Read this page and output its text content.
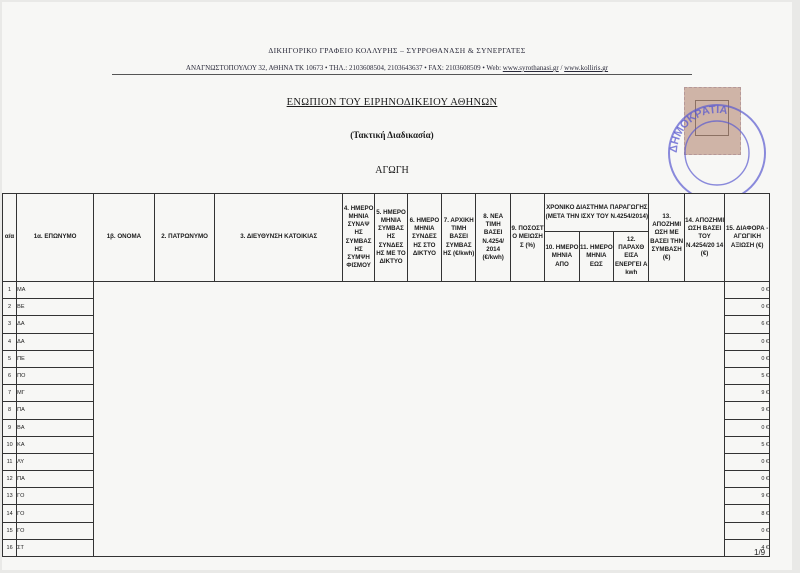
ΔΙΚΗΓΟΡΙΚΟ ΓΡΑΦΕΙΟ ΚΟΛΛΥΡΗΣ – ΣΥΡΡΟΘΑΝΑΣΗ & ΣΥΝΕΡΓΑΤΕΣ
ΑΝΑΓΝΩΣΤΟΠΟΥΛΟΥ 32, ΑΘΗΝΑ ΤΚ 10673 • ΤΗΛ.: 2103608504, 2103643637 • FAX: 2103608509 • Web: www.syrothanasi.gr / www.kolliris.gr
ΕΝΩΠΙΟΝ ΤΟΥ ΕΙΡΗΝΟΔΙΚΕΙΟΥ ΑΘΗΝΩΝ
(Τακτική Διαδικασία)
ΑΓΩΓΗ
ΔΗΜΟΚΡΑΤΙΑ
α/α	1α. ΕΠΩΝΥΜΟ	1β. ΟΝΟΜΑ	2. ΠΑΤΡΩΝΥΜΟ	3. ΔΙΕΥΘΥΝΣΗ ΚΑΤΟΙΚΙΑΣ	4. ΗΜΕΡΟ ΜΗΝΙΑ ΣΥΝΑΨ ΗΣ ΣΥΜΒΑΣ ΗΣ ΣΥΜΨΗ ΦΙΣΜΟΥ	5. ΗΜΕΡΟ ΜΗΝΙΑ ΣΥΜΒΑΣ ΗΣ ΣΥΝΔΕΣ ΗΣ ΜΕ ΤΟ ΔΙΚΤΥΟ	6. ΗΜΕΡΟ ΜΗΝΙΑ ΣΥΝΔΕΣ ΗΣ ΣΤΟ ΔΙΚΤΥΟ	7. ΑΡΧΙΚΗ ΤΙΜΗ ΒΑΣΕΙ ΣΥΜΒΑΣ ΗΣ (€/kwh)	8. ΝΕΑ ΤΙΜΗ ΒΑΣΕΙ Ν.4254/ 2014 (€/kwh)	9. ΠΟΣΟΣΤ Ο ΜΕΙΩΣΗ Σ (%)	ΧΡΟΝΙΚΟ ΔΙΑΣΤΗΜΑ ΠΑΡΑΓΩΓΗΣ (ΜΕΤΑ ΤΗΝ ΙΣΧΥ ΤΟΥ Ν.4254/2014)			13. ΑΠΟΖΗΜΙ ΩΣΗ ΜΕ ΒΑΣΕΙ ΤΗΝ ΣΥΜΒΑΣΗ (€)	14. ΑΠΟΖΗΜΙ ΩΣΗ ΒΑΣΕΙ ΤΟΥ Ν.4254/20 14 (€)	15. ΔΙΑΦΟΡΑ - ΑΓΩΓΙΚΗ ΑΞΙΩΣΗ (€)
											10. ΗΜΕΡΟ ΜΗΝΙΑ ΑΠΟ	11. ΗΜΕΡΟ ΜΗΝΙΑ ΕΩΣ	12. ΠΑΡΑΧΘ ΕΙΣΑ ΕΝΕΡΓΕΙ Α kwh			
1	ΜΑ															0 €
2	ΒΕ															0 €
3	ΔΑ															6 €
4	ΔΑ															0 €
5	ΠΕ															0 €
6	ΠΟ															5 €
7	ΜΓ															9 €
8	ΠΑ															9 €
9	ΒΑ															0 €
10	ΚΑ															5 €
11	ΛΥ															0 €
12	ΠΑ															0 €
13	ΓΟ															9 €
14	ΓΟ															8 €
15	ΓΟ															0 €
16	ΣΤ															4 €
1/9
